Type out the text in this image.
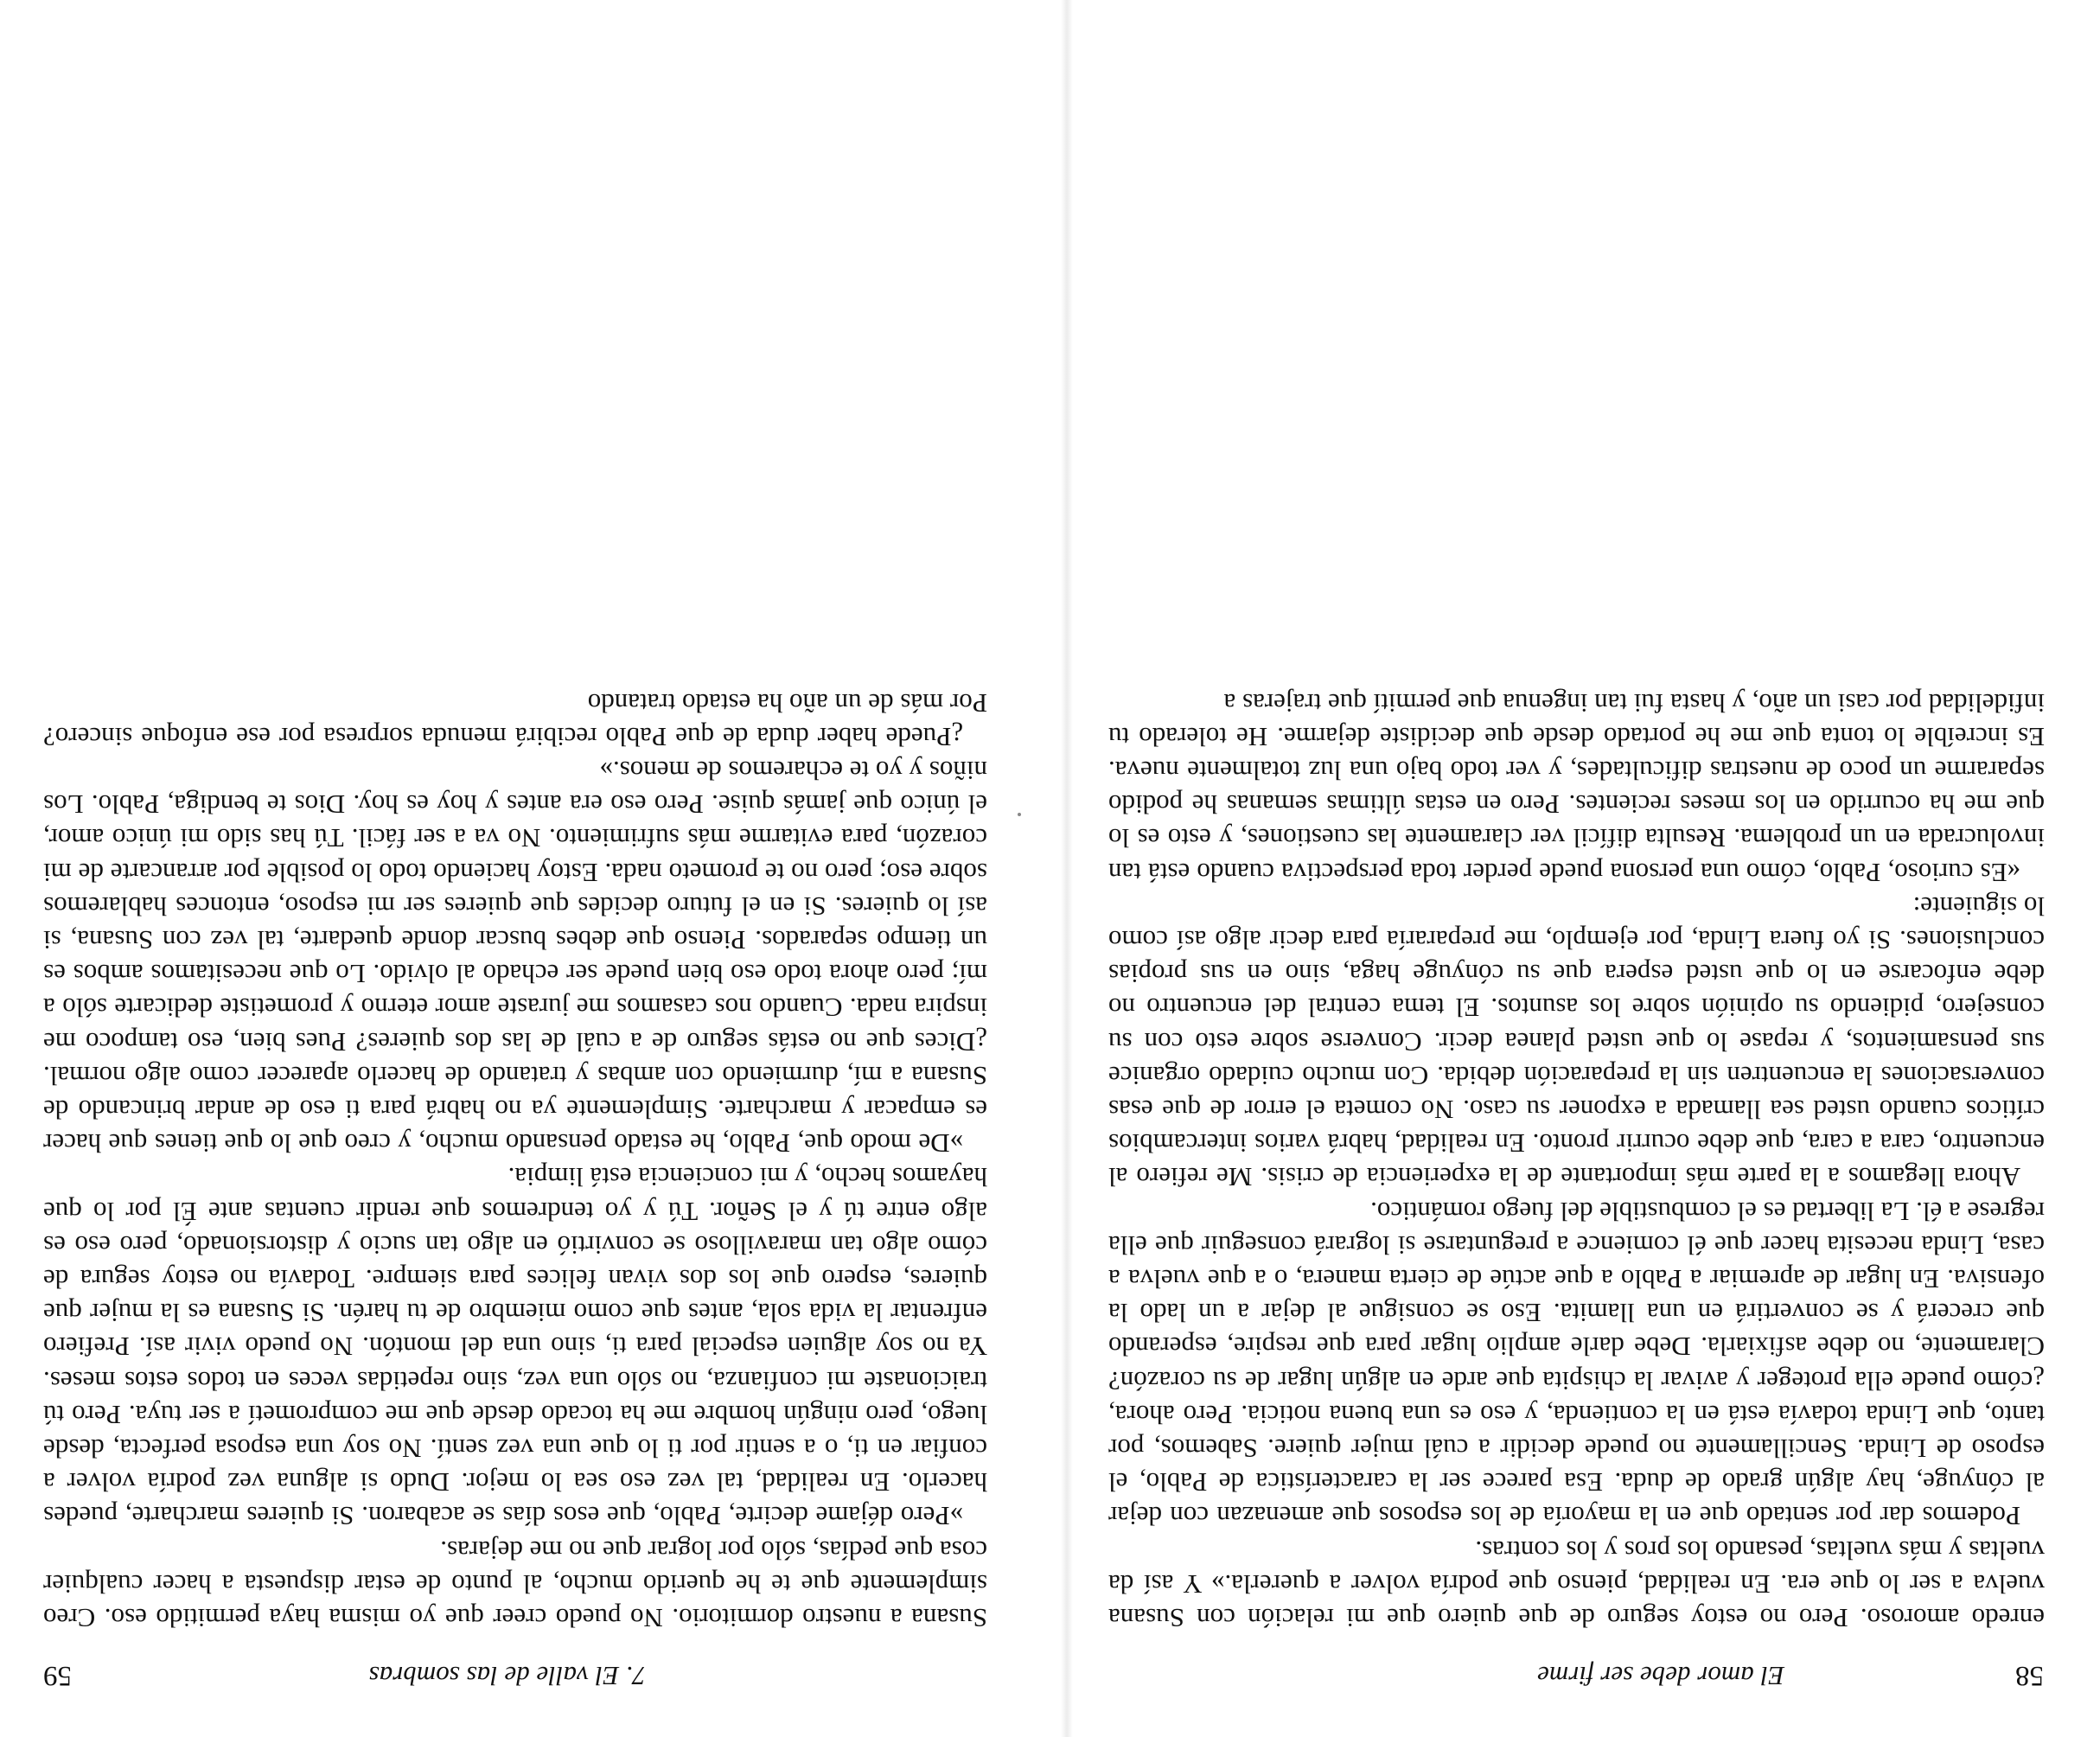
58
El amor debe ser firme

enredo amoroso. Pero no estoy seguro de que quiero que mi relación con Susana vuelva a ser lo que era. En realidad, pienso que podría volver a quererla.» Y así da vueltas y más vueltas, pesando los pros y los contras.

Podemos dar por sentado que en la mayoría de los esposos que amenazan con dejar al cónyuge, hay algún grado de duda. Esa parece ser la característica de Pablo, el esposo de Linda. Sencillamente no puede decidir a cuál mujer quiere. Sabemos, por tanto, que Linda todavía está en la contienda, y eso es una buena noticia. Pero ahora, ¿cómo puede ella proteger y avivar la chispita que arde en algún lugar de su corazón? Claramente, no debe asfixiarla. Debe darle amplio lugar para que respire, esperando que crecerá y se convertirá en una llamita. Eso se consigue al dejar a un lado la ofensiva. En lugar de apremiar a Pablo a que actúe de cierta manera, o a que vuelva a casa, Linda necesita hacer que él comience a preguntarse si logrará conseguir que ella regrese a él. La libertad es el combustible del fuego romántico.

Ahora llegamos a la parte más importante de la experiencia de crisis. Me refiero al encuentro, cara a cara, que debe ocurrir pronto. En realidad, habrá varios intercambios críticos cuando usted sea llamada a exponer su caso. No cometa el error de que esas conversaciones la encuentren sin la preparación debida. Con mucho cuidado organice sus pensamientos, y repase lo que usted planea decir. Converse sobre esto con su consejero, pidiendo su opinión sobre los asuntos. El tema central del encuentro no debe enfocarse en lo que usted espera que su cónyuge haga, sino en sus propias conclusiones. Si yo fuera Linda, por ejemplo, me prepararía para decir algo así como lo siguiente:

«Es curioso, Pablo, cómo una persona puede perder toda perspectiva cuando está tan involucrada en un problema. Resulta difícil ver claramente las cuestiones, y esto es lo que me ha ocurrido en los meses recientes. Pero en estas últimas semanas he podido separarme un poco de nuestras dificultades, y ver todo bajo una luz totalmente nueva. Es increíble lo tonta que me he portado desde que decidiste dejarme. He tolerado tu infidelidad por casi un año, y hasta fui tan ingenua que permití que trajeras a

7. El valle de las sombras
59

Susana a nuestro dormitorio. No puedo creer que yo misma haya permitido eso. Creo simplemente que te he querido mucho, al punto de estar dispuesta a hacer cualquier cosa que pedías, sólo por lograr que no me dejaras.

»Pero déjame decirte, Pablo, que esos días se acabaron. Si quieres marcharte, puedes hacerlo. En realidad, tal vez eso sea lo mejor. Dudo si alguna vez podría volver a confiar en ti, o a sentir por ti lo que una vez sentí. No soy una esposa perfecta, desde luego, pero ningún hombre me ha tocado desde que me comprometí a ser tuya. Pero tú traicionaste mi confianza, no sólo una vez, sino repetidas veces en todos estos meses. Ya no soy alguien especial para ti, sino una del montón. No puedo vivir así. Prefiero enfrentar la vida sola, antes que como miembro de tu harén. Si Susana es la mujer que quieres, espero que los dos vivan felices para siempre. Todavía no estoy segura de cómo algo tan maravilloso se convirtió en algo tan sucio y distorsionado, pero eso es algo entre tú y el Señor. Tú y yo tendremos que rendir cuentas ante Él por lo que hayamos hecho, y mi conciencia está limpia.

»De modo que, Pablo, he estado pensando mucho, y creo que lo que tienes que hacer es empacar y marcharte. Simplemente ya no habrá para ti eso de andar brincando de Susana a mí, durmiendo con ambas y tratando de hacerlo aparecer como algo normal. ¿Dices que no estás seguro de a cuál de las dos quieres? Pues bien, eso tampoco me inspira nada. Cuando nos casamos me juraste amor eterno y prometiste dedicarte sólo a mí; pero ahora todo eso bien puede ser echado al olvido. Lo que necesitamos ambos es un tiempo separados. Pienso que debes buscar donde quedarte, tal vez con Susana, si así lo quieres. Si en el futuro decides que quieres ser mi esposo, entonces hablaremos sobre eso; pero no te prometo nada. Estoy haciendo todo lo posible por arrancarte de mi corazón, para evitarme más sufrimiento. No va a ser fácil. Tú has sido mi único amor, el único que jamás quise. Pero eso era antes y hoy es hoy. Dios te bendiga, Pablo. Los niños y yo te echaremos de menos.»

¿Puede haber duda de que Pablo recibirá menuda sorpresa por ese enfoque sincero? Por más de un año ha estado tratando
